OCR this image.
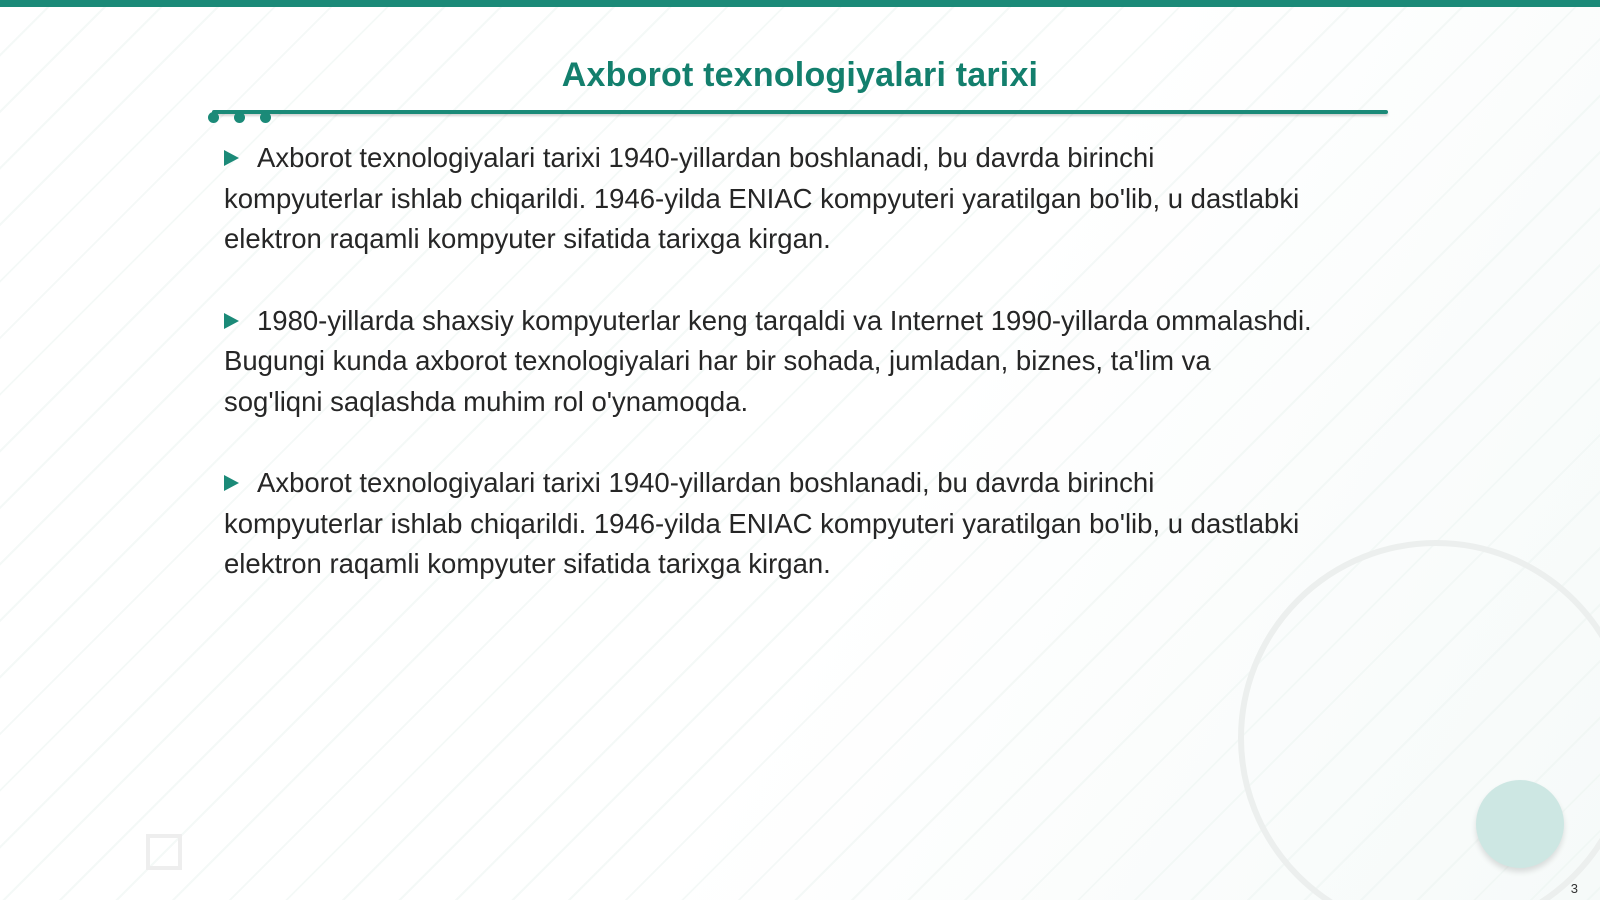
Axborot texnologiyalari tarixi

Axborot texnologiyalari tarixi 1940-yillardan boshlanadi, bu davrda birinchi kompyuterlar ishlab chiqarildi. 1946-yilda ENIAC kompyuteri yaratilgan bo'lib, u dastlabki elektron raqamli kompyuter sifatida tarixga kirgan.

1980-yillarda shaxsiy kompyuterlar keng tarqaldi va Internet 1990-yillarda ommalashdi. Bugungi kunda axborot texnologiyalari har bir sohada, jumladan, biznes, ta'lim va sog'liqni saqlashda muhim rol o'ynamoqda.

Axborot texnologiyalari tarixi 1940-yillardan boshlanadi, bu davrda birinchi kompyuterlar ishlab chiqarildi. 1946-yilda ENIAC kompyuteri yaratilgan bo'lib, u dastlabki elektron raqamli kompyuter sifatida tarixga kirgan.

3
